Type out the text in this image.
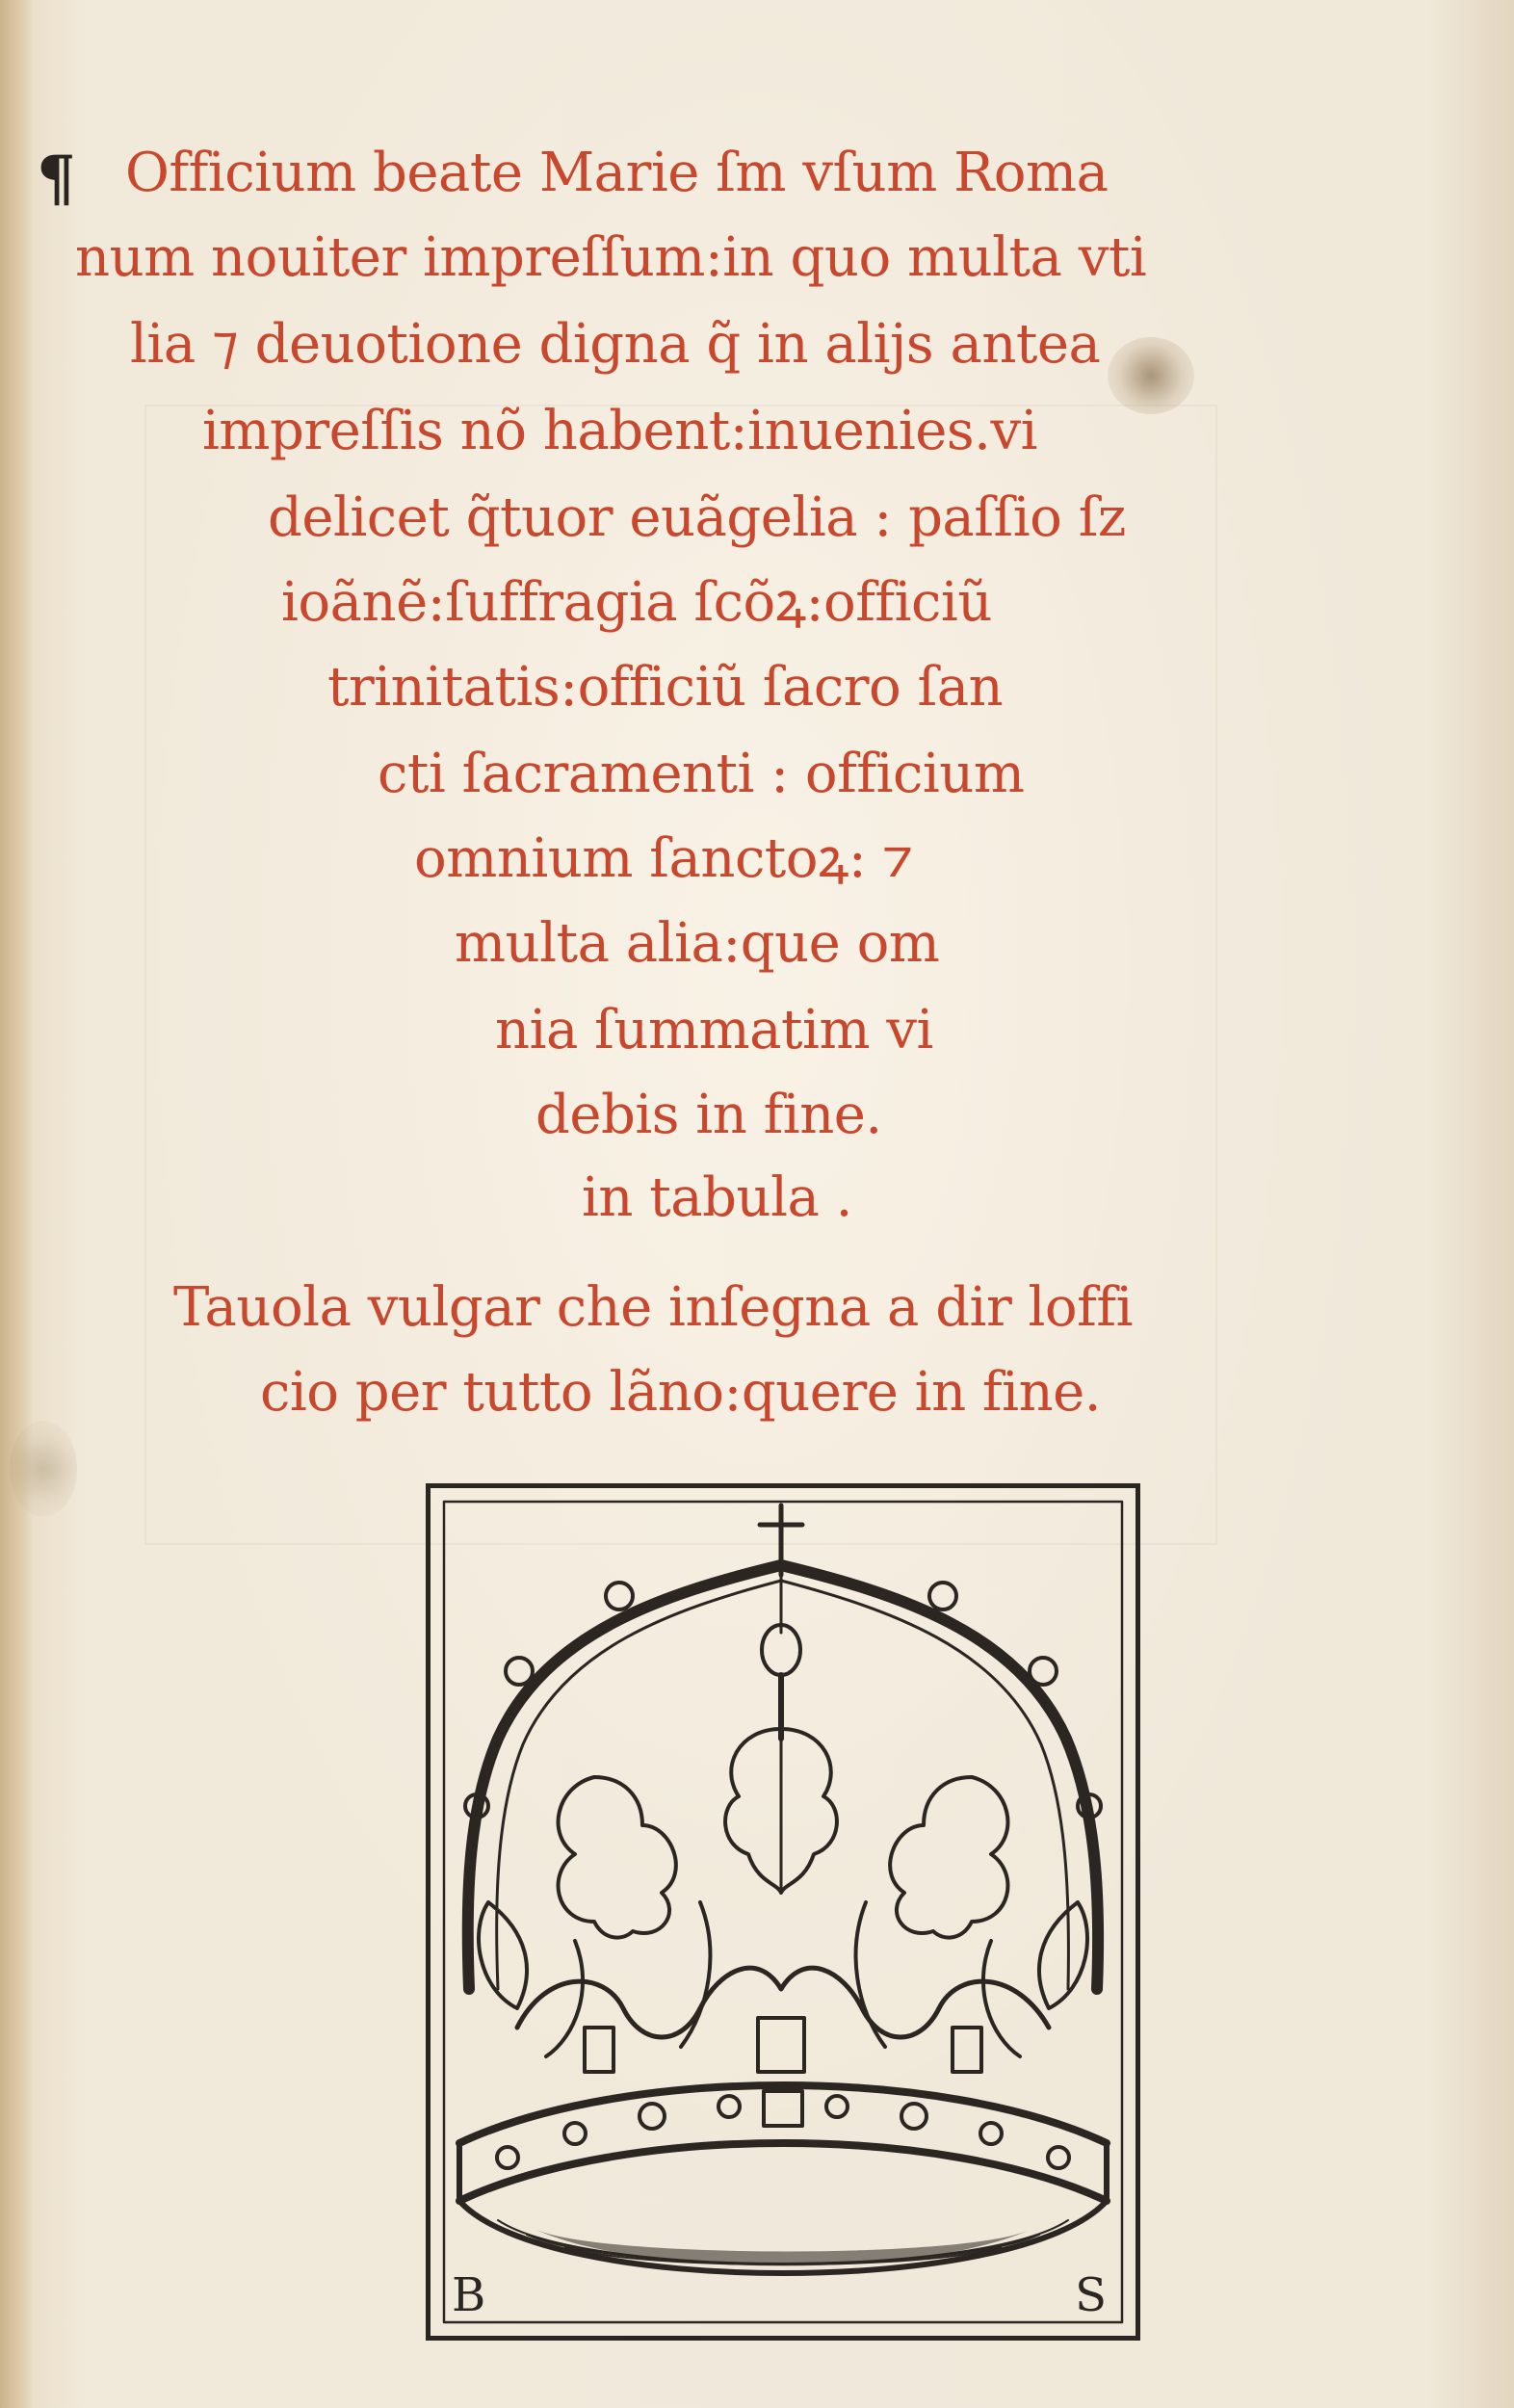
¶ Officium beate Marie ſm vſum Roma
num nouiter impreſſum:in quo multa vti
lia ⁊ deuotione digna q̃ in alijs antea
impreſſis nõ habent:inuenies.vi
delicet q̃tuor euãgelia : paſſio ſz
ioãnẽ:ſuffragia ſcõꝝ:officiũ
trinitatis:officiũ ſacro ſan
cti ſacramenti : officium
omnium ſanctoꝝ: ⁊
multa alia:que om
nia ſummatim vi
debis in fine.
in tabula .
Tauola vulgar che inſegna a dir loffi
cio per tutto lãno:quere in fine.
B	S
